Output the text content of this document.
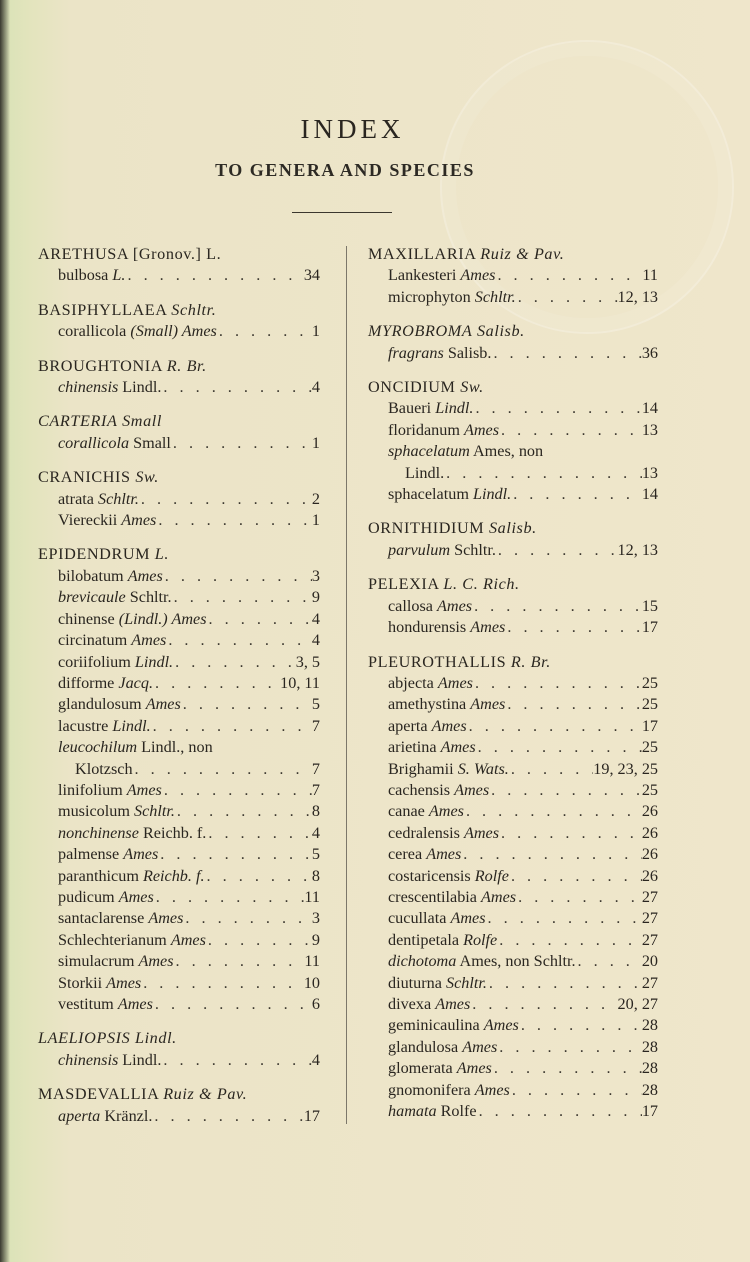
INDEX
TO GENERA AND SPECIES
ARETHUSA [Gronov.] L.
bulbosa L. . . .	34
BASIPHYLLAEA Schltr.
corallicola (Small) Ames . . .	1
BROUGHTONIA R. Br.
chinensis Lindl. . . .	4
CARTERIA Small
corallicola Small . . .	1
CRANICHIS Sw.
atrata Schltr. . . .	2
Viereckii Ames . . .	1
EPIDENDRUM L.
bilobatum Ames . . .	3
brevicaule Schltr. . . .	9
chinense (Lindl.) Ames . . .	4
circinatum Ames . . .	4
coriifolium Lindl. . . .	3, 5
difforme Jacq. . . .	10, 11
glandulosum Ames . . .	5
lacustre Lindl. . . .	7
leucochilum Lindl., non
Klotzsch . . .	7
linifolium Ames . . .	7
musicolum Schltr. . . .	8
nonchinense Reichb. f. . . .	4
palmense Ames . . .	5
paranthicum Reichb. f. . . .	8
pudicum Ames . . .	11
santaclarense Ames . . .	3
Schlechterianum Ames . . .	9
simulacrum Ames . . .	11
Storkii Ames . . .	10
vestitum Ames . . .	6
LAELIOPSIS Lindl.
chinensis Lindl. . . .	4
MASDEVALLIA Ruiz & Pav.
aperta Kränzl. . . .	17
MAXILLARIA Ruiz & Pav.
Lankesteri Ames . . .	11
microphyton Schltr. . . .	12, 13
MYROBROMA Salisb.
fragrans Salisb. . . .	36
ONCIDIUM Sw.
Baueri Lindl. . . .	14
floridanum Ames . . .	13
sphacelatum Ames, non
Lindl. . . .	13
sphacelatum Lindl. . . .	14
ORNITHIDIUM Salisb.
parvulum Schltr. . . .	12, 13
PELEXIA L. C. Rich.
callosa Ames . . .	15
hondurensis Ames . . .	17
PLEUROTHALLIS R. Br.
abjecta Ames . . .	25
amethystina Ames . . .	25
aperta Ames . . .	17
arietina Ames . . .	25
Brighamii S. Wats. . . .	19, 23, 25
cachensis Ames . . .	25
canae Ames . . .	26
cedralensis Ames . . .	26
cerea Ames . . .	26
costaricensis Rolfe . . .	26
crescentilabia Ames . . .	27
cucullata Ames . . .	27
dentipetala Rolfe . . .	27
dichotoma Ames, non Schltr. . . .	20
diuturna Schltr. . . .	27
divexa Ames . . .	20, 27
geminicaulina Ames . . .	28
glandulosa Ames . . .	28
glomerata Ames . . .	28
gnomonifera Ames . . .	28
hamata Rolfe . . .	17
